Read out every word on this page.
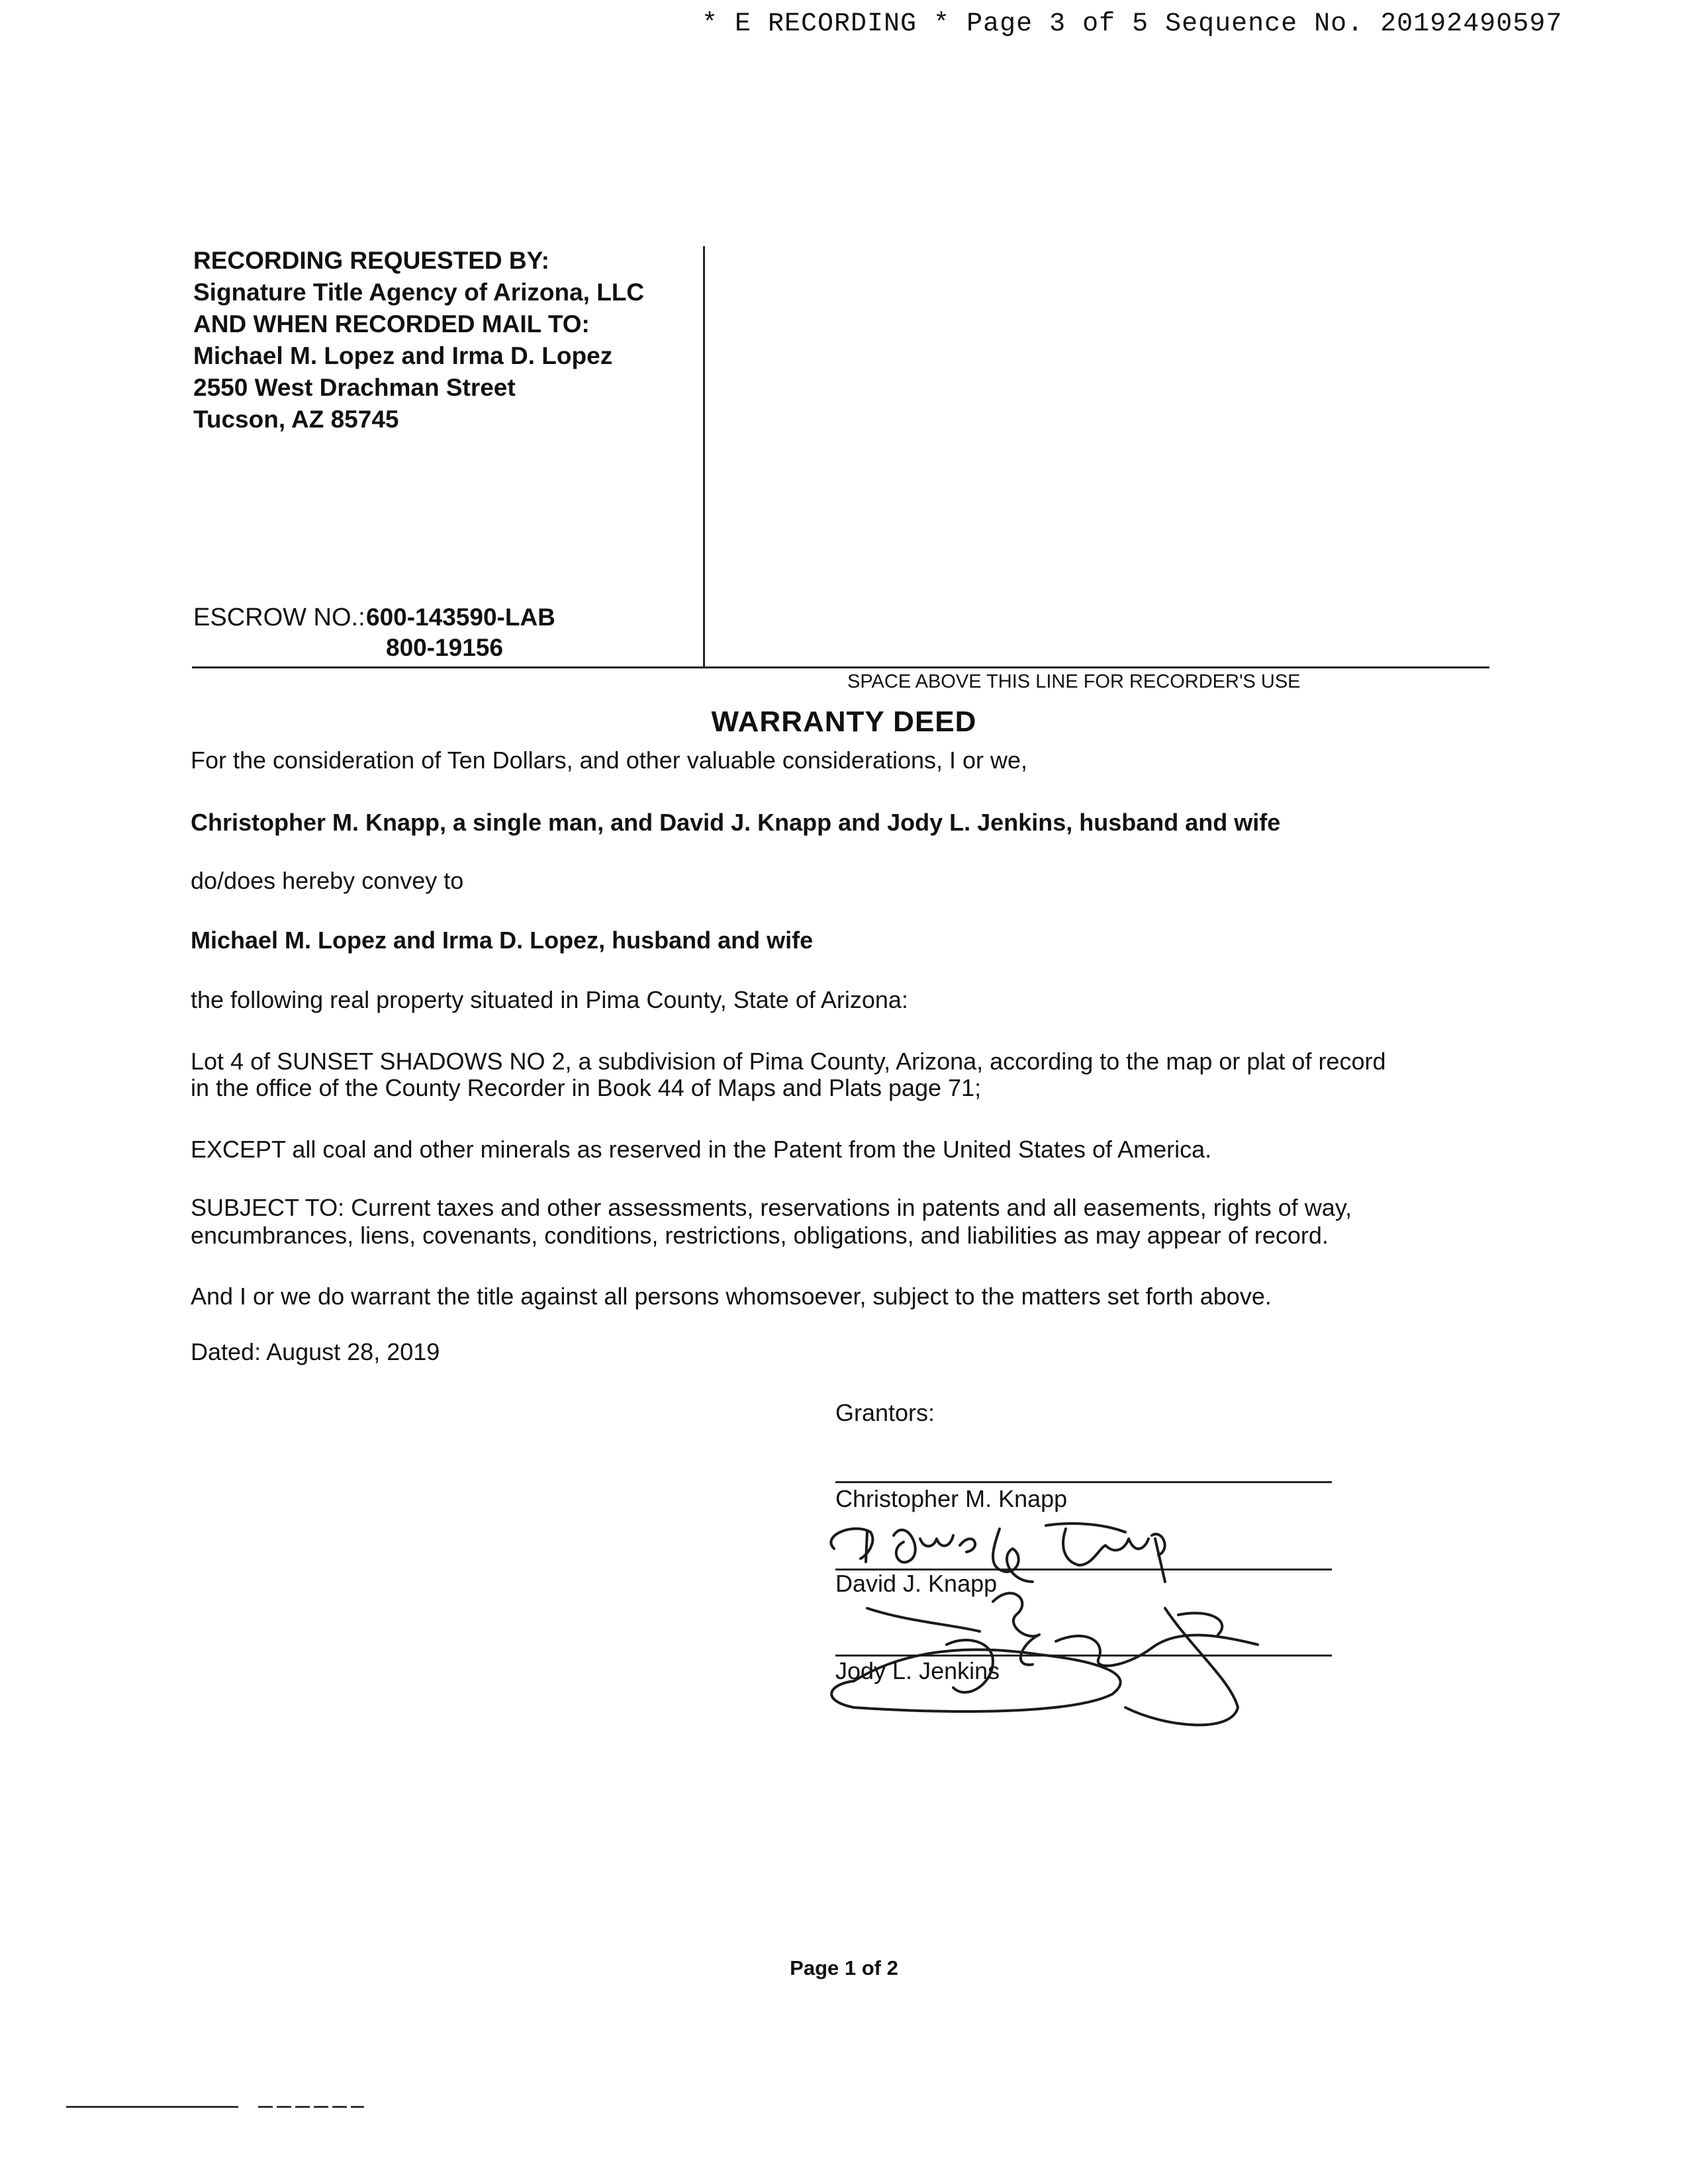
* E RECORDING * Page 3 of 5 Sequence No. 20192490597
RECORDING REQUESTED BY:
Signature Title Agency of Arizona, LLC
AND WHEN RECORDED MAIL TO:
Michael M. Lopez and Irma D. Lopez
2550 West Drachman Street
Tucson, AZ 85745
ESCROW NO.: 600-143590-LAB
800-19156
SPACE ABOVE THIS LINE FOR RECORDER'S USE
WARRANTY DEED
For the consideration of Ten Dollars, and other valuable considerations, I or we,
Christopher M. Knapp, a single man, and David J. Knapp and Jody L. Jenkins, husband and wife
do/does hereby convey to
Michael M. Lopez and Irma D. Lopez, husband and wife
the following real property situated in Pima County, State of Arizona:
Lot 4 of SUNSET SHADOWS NO 2, a subdivision of Pima County, Arizona, according to the map or plat of record
in the office of the County Recorder in Book 44 of Maps and Plats page 71;
EXCEPT all coal and other minerals as reserved in the Patent from the United States of America.
SUBJECT TO: Current taxes and other assessments, reservations in patents and all easements, rights of way,
encumbrances, liens, covenants, conditions, restrictions, obligations, and liabilities as may appear of record.
And I or we do warrant the title against all persons whomsoever, subject to the matters set forth above.
Dated: August 28, 2019
Grantors:
Christopher M. Knapp
David J. Knapp
Jody L. Jenkins
Page 1 of 2
